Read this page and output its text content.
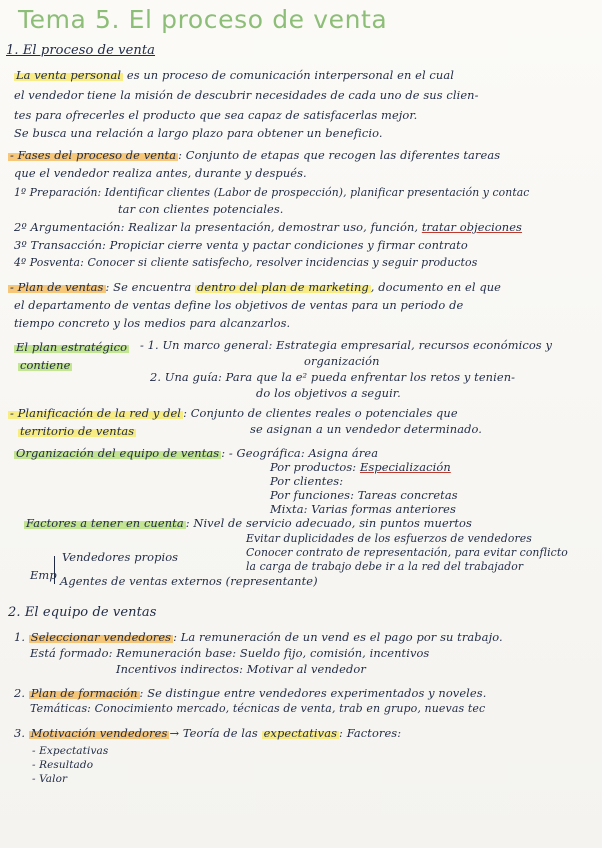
Tema 5. El proceso de venta
1. El proceso de venta
La venta personal es un proceso de comunicación interpersonal en el cual
el vendedor tiene la misión de descubrir necesidades de cada uno de sus clien-
tes para ofrecerles el producto que sea capaz de satisfacerlas mejor.
Se busca una relación a largo plazo para obtener un beneficio.
- Fases del proceso de venta : Conjunto de etapas que recogen las diferentes tareas
que el vendedor realiza antes, durante y después.
1º Preparación: Identificar clientes (Labor de prospección), planificar presentación y contac
tar con clientes potenciales.
2º Argumentación: Realizar la presentación, demostrar uso, función, tratar objeciones
3º Transacción: Propiciar cierre venta y pactar condiciones y firmar contrato
4º Posventa: Conocer si cliente satisfecho, resolver incidencias y seguir productos
- Plan de ventas : Se encuentra dentro del plan de marketing , documento en el que
el departamento de ventas define los objetivos de ventas para un periodo de
tiempo concreto y los medios para alcanzarlos.
El plan estratégico
contiene
- 1. Un marco general: Estrategia empresarial, recursos económicos y
organización
2. Una guía: Para que la e² pueda enfrentar los retos y tenien-
do los objetivos a seguir.
- Planificación de la red y del : Conjunto de clientes reales o potenciales que
territorio de ventas	se asignan a un vendedor determinado.
Organización del equipo de ventas : - Geográfica: Asigna área
Por productos: Especialización
Por clientes:
Por funciones: Tareas concretas
Mixta: Varias formas anteriores
Factores a tener en cuenta : Nivel de servicio adecuado, sin puntos muertos
Evitar duplicidades de los esfuerzos de vendedores
Conocer contrato de representación, para evitar conflicto
la carga de trabajo debe ir a la red del trabajador
Vendedores propios
Emp Agentes de ventas externos (representante)
2. El equipo de ventas
1. Seleccionar vendedores : La remuneración de un vend es el pago por su trabajo.
Está formado: Remuneración base: Sueldo fijo, comisión, incentivos
Incentivos indirectos: Motivar al vendedor
2. Plan de formación : Se distingue entre vendedores experimentados y noveles.
Temáticas: Conocimiento mercado, técnicas de venta, trab en grupo, nuevas tec
3. Motivación vendedores → Teoría de las expectativas : Factores:
- Expectativas
- Resultado
- Valor
